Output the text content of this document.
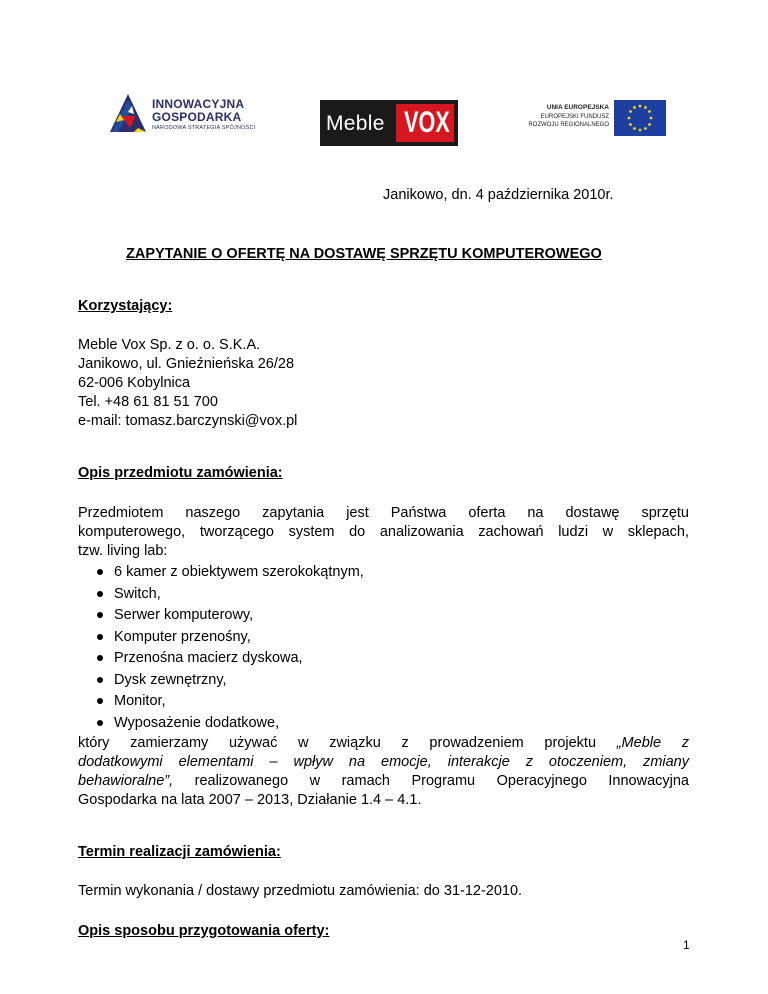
INNOWACYJNA
GOSPODARKA
NARODOWA STRATEGIA SPÓJNOŚCI	Meble VOX	UNIA EUROPEJSKA
EUROPEJSKI FUNDUSZ
ROZWOJU REGIONALNEGO
Janikowo, dn. 4 października 2010r.
ZAPYTANIE O OFERTĘ NA DOSTAWĘ SPRZĘTU KOMPUTEROWEGO
Korzystający:
Meble Vox Sp. z o. o. S.K.A.
Janikowo, ul. Gnieźnieńska 26/28
62-006 Kobylnica
Tel. +48 61 81 51 700
e-mail: tomasz.barczynski@vox.pl
Opis przedmiotu zamówienia:
Przedmiotem naszego zapytania jest Państwa oferta na dostawę sprzętu
komputerowego, tworzącego system do analizowania zachowań ludzi w sklepach,
tzw. living lab:
6 kamer z obiektywem szerokokątnym,
Switch,
Serwer komputerowy,
Komputer przenośny,
Przenośna macierz dyskowa,
Dysk zewnętrzny,
Monitor,
Wyposażenie dodatkowe,
który zamierzamy używać w związku z prowadzeniem projektu „Meble z
dodatkowymi elementami – wpływ na emocje, interakcje z otoczeniem, zmiany
behawioralne”, realizowanego w ramach Programu Operacyjnego Innowacyjna
Gospodarka na lata 2007 – 2013, Działanie 1.4 – 4.1.
Termin realizacji zamówienia:
Termin wykonania / dostawy przedmiotu zamówienia: do 31-12-2010.
Opis sposobu przygotowania oferty:
1
